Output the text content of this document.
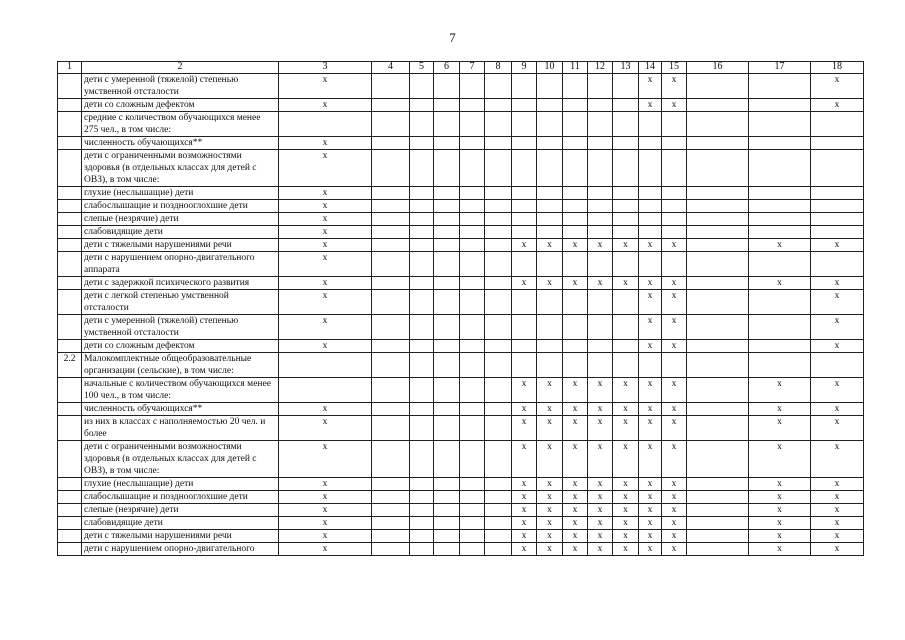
7
1	2	3	4	5	6	7	8	9	10	11	12	13	14	15	16	17	18
	дети с умеренной (тяжелой) степенью умственной отсталости	x											x	x			x
	дети со сложным дефектом	x											x	x			x
	средние с количеством обучающихся менее 275 чел., в том числе:																
	численность обучающихся**	x															
	дети с ограниченными возможностями здоровья (в отдельных классах для детей с ОВЗ), в том числе:	x															
	глухие (неслышащие) дети	x															
	слабослышащие и позднооглохшие дети	x															
	слепые (незрячие) дети	x															
	слабовидящие дети	x															
	дети с тяжелыми нарушениями речи	x						x	x	x	x	x	x	x		x	x
	дети с нарушением опорно-двигательного аппарата	x															
	дети с задержкой психического развития	x						x	x	x	x	x	x	x		x	x
	дети с легкой степенью умственной отсталости	x											x	x			x
	дети с умеренной (тяжелой) степенью умственной отсталости	x											x	x			x
	дети со сложным дефектом	x											x	x			x
2.2	Малокомплектные общеобразовательные организации (сельские), в том числе:																
	начальные с количеством обучающихся менее 100 чел., в том числе:							x	x	x	x	x	x	x		x	x
	численность обучающихся**	x						x	x	x	x	x	x	x		x	x
	из них в классах с наполняемостью 20 чел. и более	x						x	x	x	x	x	x	x		x	x
	дети с ограниченными возможностями здоровья (в отдельных классах для детей с ОВЗ), в том числе:	x						x	x	x	x	x	x	x		x	x
	глухие (неслышащие) дети	x						x	x	x	x	x	x	x		x	x
	слабослышащие и позднооглохшие дети	x						x	x	x	x	x	x	x		x	x
	слепые (незрячие) дети	x						x	x	x	x	x	x	x		x	x
	слабовидящие дети	x						x	x	x	x	x	x	x		x	x
	дети с тяжелыми нарушениями речи	x						x	x	x	x	x	x	x		x	x
	дети с нарушением опорно-двигательного	x						x	x	x	x	x	x	x		x	x
